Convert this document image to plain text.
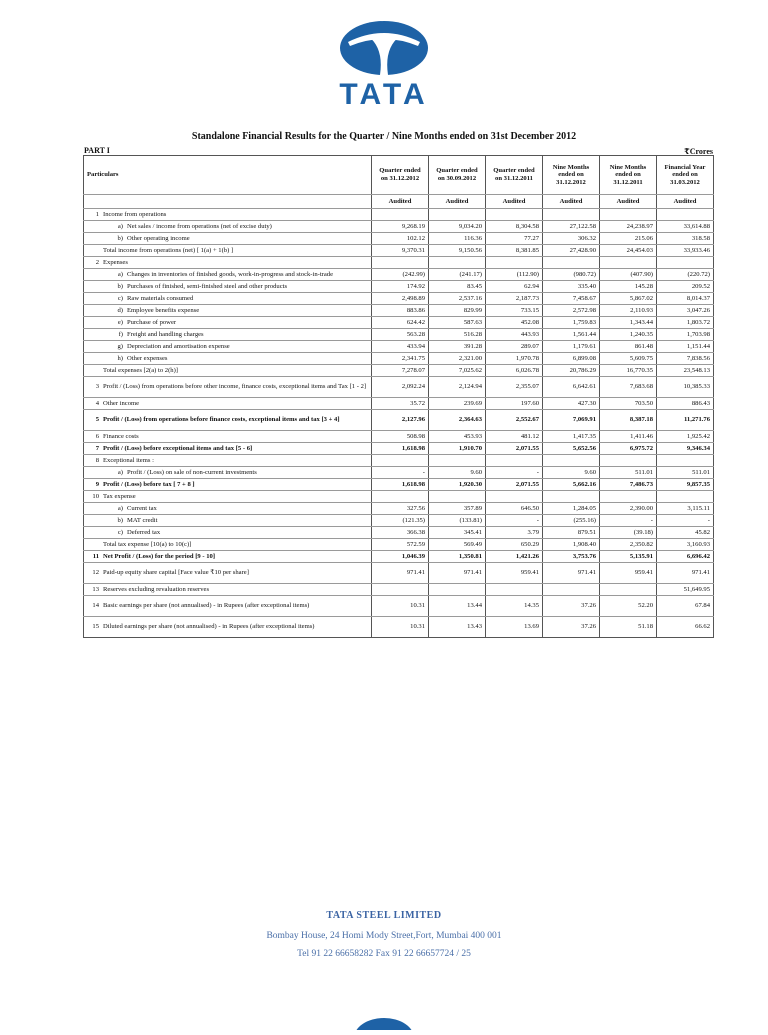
TATA
Standalone Financial Results for the Quarter / Nine Months ended on 31st December 2012
PART I	₹Crores
Particulars	Quarter ended on 31.12.2012	Quarter ended on 30.09.2012	Quarter ended on 31.12.2011	Nine Months ended on 31.12.2012	Nine Months ended on 31.12.2011	Financial Year ended on 31.03.2012
	Audited	Audited	Audited	Audited	Audited	Audited
1 Income from operations						
a) Net sales / income from operations (net of excise duty)	9,268.19	9,034.20	8,304.58	27,122.58	24,238.97	33,614.88
b) Other operating income	102.12	116.36	77.27	306.32	215.06	318.58
Total income from operations (net) [ 1(a) + 1(b) ]	9,370.31	9,150.56	8,381.85	27,428.90	24,454.03	33,933.46
2 Expenses						
a) Changes in inventories of finished goods, work-in-progress and stock-in-trade	(242.99)	(241.17)	(112.90)	(980.72)	(407.90)	(220.72)
b) Purchases of finished, semi-finished steel and other products	174.92	83.45	62.94	335.40	145.28	209.52
c) Raw materials consumed	2,498.89	2,537.16	2,187.73	7,458.67	5,867.02	8,014.37
d) Employee benefits expense	883.86	829.99	733.15	2,572.98	2,110.93	3,047.26
e) Purchase of power	624.42	587.63	452.08	1,759.83	1,343.44	1,803.72
f) Freight and handling charges	563.28	516.28	443.93	1,561.44	1,240.35	1,703.98
g) Depreciation and amortisation expense	433.94	391.28	289.07	1,179.61	861.48	1,151.44
h) Other expenses	2,341.75	2,321.00	1,970.78	6,899.08	5,609.75	7,838.56
Total expenses [2(a) to 2(h)]	7,278.07	7,025.62	6,026.78	20,786.29	16,770.35	23,548.13
3 Profit / (Loss) from operations before other income, finance costs, exceptional items and Tax [1 - 2]	2,092.24	2,124.94	2,355.07	6,642.61	7,683.68	10,385.33
4 Other income	35.72	239.69	197.60	427.30	703.50	886.43
5 Profit / (Loss) from operations before finance costs, exceptional items and tax [3 + 4]	2,127.96	2,364.63	2,552.67	7,069.91	8,387.18	11,271.76
6 Finance costs	508.98	453.93	481.12	1,417.35	1,411.46	1,925.42
7 Profit / (Loss) before exceptional items and tax [5 - 6]	1,618.98	1,910.70	2,071.55	5,652.56	6,975.72	9,346.34
8 Exceptional items :						
a) Profit / (Loss) on sale of non-current investments	-	9.60	-	9.60	511.01	511.01
9 Profit / (Loss) before tax [ 7 + 8 ]	1,618.98	1,920.30	2,071.55	5,662.16	7,486.73	9,857.35
10 Tax expense						
a) Current tax	327.56	357.89	646.50	1,284.05	2,390.00	3,115.11
b) MAT credit	(121.35)	(133.81)	-	(255.16)	-	-
c) Deferred tax	366.38	345.41	3.79	879.51	(39.18)	45.82
Total tax expense [10(a) to 10(c)]	572.59	569.49	650.29	1,908.40	2,350.82	3,160.93
11 Net Profit / (Loss) for the period [9 - 10]	1,046.39	1,350.81	1,421.26	3,753.76	5,135.91	6,696.42
12 Paid-up equity share capital [Face value ₹10 per share]	971.41	971.41	959.41	971.41	959.41	971.41
13 Reserves excluding revaluation reserves						51,649.95
14 Basic earnings per share (not annualised) - in Rupees (after exceptional items)	10.31	13.44	14.35	37.26	52.20	67.84
15 Diluted earnings per share (not annualised) - in Rupees (after exceptional items)	10.31	13.43	13.69	37.26	51.18	66.62
TATA STEEL LIMITED
Bombay House, 24 Homi Mody Street,Fort, Mumbai 400 001
Tel 91 22 66658282 Fax 91 22 66657724 / 25
